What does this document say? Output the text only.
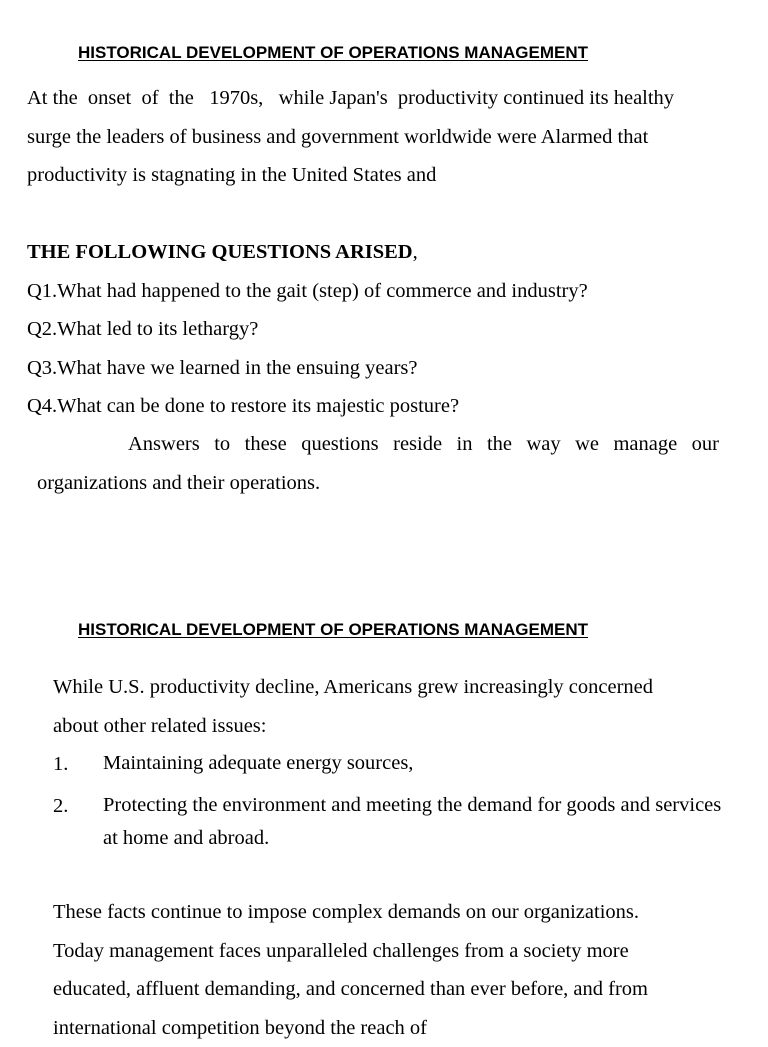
HISTORICAL DEVELOPMENT OF OPERATIONS MANAGEMENT
At the  onset  of  the   1970s,   while Japan's  productivity continued its healthy
surge the leaders of business and government worldwide were Alarmed that
productivity is stagnating in the United States and
THE FOLLOWING QUESTIONS ARISED,
Q1.What had happened to the gait (step) of commerce and industry?
Q2.What led to its lethargy?
Q3.What have we learned in the ensuing years?
Q4.What can be done to restore its majestic posture?
Answers to these questions reside in the way we manage our
organizations and their operations.
HISTORICAL DEVELOPMENT OF OPERATIONS MANAGEMENT
While U.S. productivity decline, Americans grew increasingly concerned
about other related issues:
1.	Maintaining adequate energy sources,
2.	Protecting the environment and meeting the demand for goods and services at home and abroad.
These facts continue to impose complex demands on our organizations.
Today management faces unparalleled challenges from a society more
educated, affluent demanding, and concerned than ever before, and from
international competition beyond the reach of
